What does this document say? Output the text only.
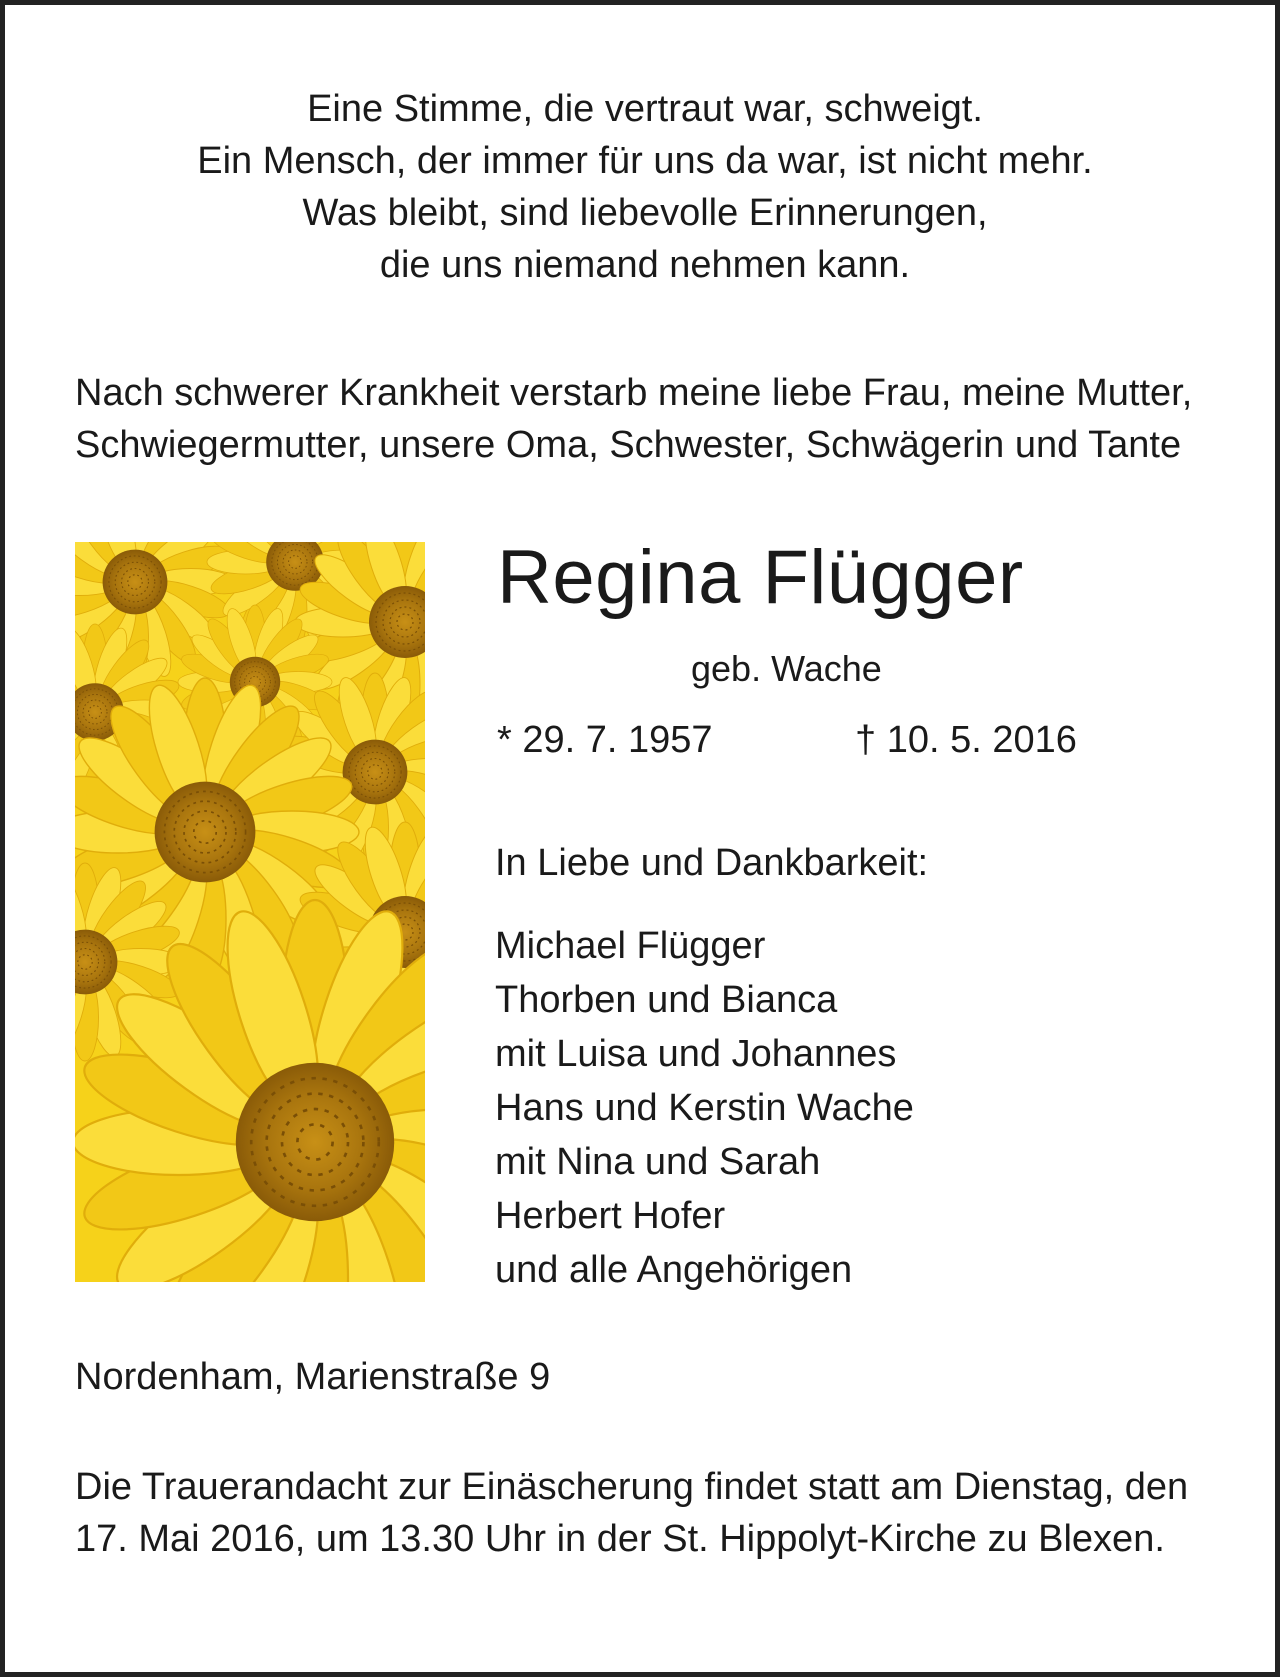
Eine Stimme, die vertraut war, schweigt.
Ein Mensch, der immer für uns da war, ist nicht mehr.
Was bleibt, sind liebevolle Erinnerungen,
die uns niemand nehmen kann.
Nach schwerer Krankheit verstarb meine liebe Frau, meine Mutter,
Schwiegermutter, unsere Oma, Schwester, Schwägerin und Tante
Regina Flügger
geb. Wache
* 29. 7. 1957	† 10. 5. 2016
In Liebe und Dankbarkeit:
Michael Flügger
Thorben und Bianca
mit Luisa und Johannes
Hans und Kerstin Wache
mit Nina und Sarah
Herbert Hofer
und alle Angehörigen
Nordenham, Marienstraße 9
Die Trauerandacht zur Einäscherung findet statt am Dienstag, den
17. Mai 2016, um 13.30 Uhr in der St. Hippolyt-Kirche zu Blexen.
